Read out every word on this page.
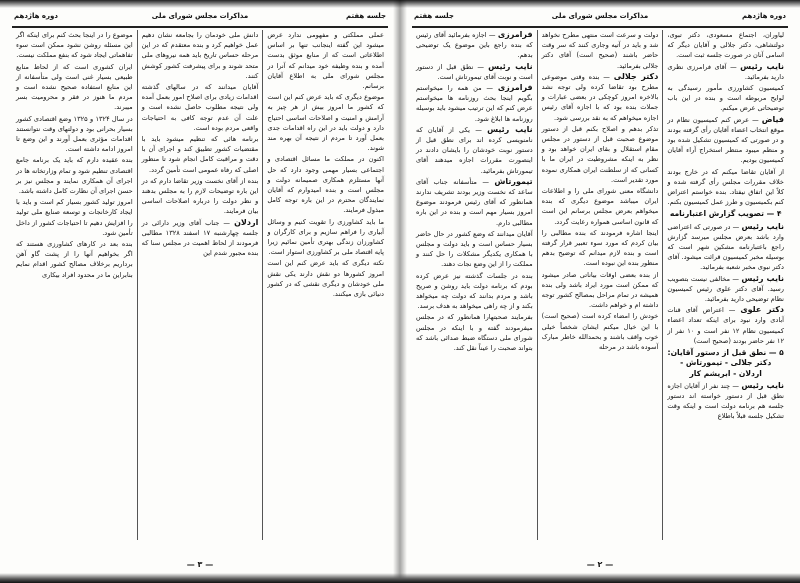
جلسه هفتم
مذاکرات مجلس شورای ملی
دوره هاژدهم

عملی مملکتی و مفهومی ندارد عرض میشود این گفته اینجانب تنها بر اساس اطلاعاتی است که از منابع موثق بدست آمده و بنده وظیفه خود میدانم که آنرا در مجلس شورای ملی به اطلاع آقایان برسانم.

موضوع دیگری که باید عرض کنم این است که کشور ما امروز بیش از هر چیز به آرامش و امنیت و اصلاحات اساسی احتیاج دارد و دولت باید در این راه اقدامات جدی بعمل آورد تا مردم از نتیجه آن بهره مند شوند.

اکنون در مملکت ما مسائل اقتصادی و اجتماعی بسیار مهمی وجود دارد که حل آنها مستلزم همکاری صمیمانه دولت و مجلس است و بنده امیدوارم که آقایان نمایندگان محترم در این باره توجه کامل مبذول فرمایند.

ما باید کشاورزی را تقویت کنیم و وسائل آبیاری را فراهم سازیم و برای کارگران و کشاورزان زندگی بهتری تأمین نمائیم زیرا پایه اقتصاد ملی بر کشاورزی استوار است.

نکته دیگری که باید عرض کنم این است امروز کشورها دو نقش دارند یکی نقش ملی خودشان و دیگری نقشی که در کشور دنیائی بازی میکنند.

دانش ملی خودمان را بجامعه نشان دهیم عمل خواهیم کرد و بنده معتقدم که در این مرحله حساس تاریخ باید همه نیروهای ملی متحد شوند و برای پیشرفت کشور کوشش کنند.

آقایان میدانند که در سالهای گذشته اقدامات زیادی برای اصلاح امور بعمل آمده ولی نتیجه مطلوب حاصل نشده است و علت آن عدم توجه کافی به احتیاجات واقعی مردم بوده است.

برنامه هائی که تنظیم میشود باید با مقتضیات کشور تطبیق کند و اجرای آن با دقت و مراقبت کامل انجام شود تا منظور اصلی که رفاه عمومی است تأمین گردد.

بنده از آقای نخست وزیر تقاضا دارم که در این باره توضیحات لازم را به مجلس بدهند و نظر دولت را درباره اصلاحات اساسی بیان فرمایند.

اردلان — جناب آقای وزیر دارائی در جلسه چهارشنبه ۱۷ اسفند ۱۳۲۸ مطالبی فرمودند از لحاظ اهمیت در مجلس سنا که بنده مجبور شدم این

موضوع را در اینجا بحث کنم برای اینکه اگر این مسئله روشن نشود ممکن است سوء تفاهماتی ایجاد شود که بنفع مملکت نیست.

ایران کشوری است که از لحاظ منابع طبیعی بسیار غنی است ولی متأسفانه از این منابع استفاده صحیح نشده است و مردم ما هنوز در فقر و محرومیت بسر میبرند.

در سال ۱۳۲۴ و ۱۳۲۵ وضع اقتصادی کشور بسیار بحرانی بود و دولتهای وقت نتوانستند اقدامات مؤثری بعمل آورند و این وضع تا امروز ادامه داشته است.

بنده عقیده دارم که باید یک برنامه جامع اقتصادی تنظیم شود و تمام وزارتخانه ها در اجرای آن همکاری نمایند و مجلس نیز بر حسن اجرای آن نظارت کامل داشته باشد.

امروز تولید کشور بسیار کم است و باید با ایجاد کارخانجات و توسعه صنایع ملی تولید را افزایش دهیم تا احتیاجات کشور از داخل تأمین شود.

بنده بعد در کارهای کشاورزی هستند که اگر بخواهیم آنها را از پشت گاو آهن برداریم برخلاف مصالح کشور اقدام نمایم بنابراین ما در محدود افراد بیکاری

— ۳ —
دوره هاژدهم
مذاکرات مجلس شورای ملی
جلسه هفتم

لیاوران، اجتماع مسعودی، دکتر تبوی، دولتشاهی، دکتر جلالی و آقایان دیگر که اسامی آنان در صورت جلسه ثبت است.

نایب رئیس — آقای فرامرزی نظری دارید بفرمائید.

کمیسیون کشاورزی مأمور رسیدگی به لوایح مربوطه است و بنده در این باب توضیحاتی عرض میکنم.

فیاض — عرض کنم کمیسیون نظام در موقع انتخاب اعضاء آقایان رأی گرفته بودند و در صورتی که کمیسیون تشکیل شده بود و منظم میبود منتظر استخراج آراء آقایان کمیسیون بودیم.

از آقایان تقاضا میکنم که در خارج بودند خلاف مقررات مجلس رأی گرفته شده و کلاً این اتفاق نیفتاد. بنده خواستم اعتراض کنم بکمیسیون و طرز عمل کمیسیون بکنم.

۴ — تصویب گزارش اعتبارنامه

نایب رئیس — در صورتی که اعتراضی وارد باشد بعرض مجلس میرسد گزارش راجع باعتبارنامه مشکین شهر است که بوسیله مخبر کمیسیون قرائت میشود. آقای دکتر نبوی مخبر شعبه بفرمائید.

نایب رئیس — مخالفی نیست بتصویب رسید. آقای دکتر علوی رئیس کمیسیون نظام توضیحی دارید بفرمائید.

دکتر علوی — اعتراض آقای قنات آبادی وارد نبود برای اینکه تعداد اعضاء کمیسیون نظام ۱۲ نفر است و ۱۰ نفر از ۱۲ نفر حاضر بودند (صحیح است)

۵ — نطق قبل از دستور آقایان: دکتر جلالی - تیمورتاش - اردلان - ابریشم کار

نایب رئیس — چند نفر از آقایان اجازه نطق قبل از دستور خواسته اند دستور جلسه هم برنامه دولت است و اینکه وقت تشکیل جلسه قبلاً باطلاع

دولت و سرعت است منتهی مطرح نخواهد شد و باید در آتیه وجاری کنند که سر وقت حاضر باشند (صحیح است) آقای دکتر جلالی بفرمائید.

دکتر جلالی — بنده وقتی موضوعی مطرح بود تقاضا کرده ولی توجه نشد بالاخره امروز کوچکی در بعضی عبارات و جملات بنده بود که با اجازه آقای رئیس اجازه میخواهم که به نقد بررسی شود.

تذکر بدهم و اصلاح بکنم قبل از دستور موضوع صحبت قبل از دستور در مجلس مقام استقلال و بقای ایران خواهد بود و نظر به اینکه مشروطیت در ایران ما با کسانی که از سلطنت ایران همکاری نموده مورد تقدیر است.

دانشگاه معنی شورای ملی را و اطلاعات ایران میباشد موضوع دیگری که بنده میخواهم بعرض مجلس برسانم این است که قانون اساسی همواره رعایت گردد.

اینجا اشاره فرمودند که بنده مطالبی را بیان کردم که مورد سوء تعبیر قرار گرفته است و بنده لازم میدانم که توضیح بدهم منظور بنده این نبوده است.

از بنده بعضی اوقات بیاناتی صادر میشود که ممکن است مورد ایراد باشد ولی بنده همیشه در تمام مراحل بمصالح کشور توجه داشته ام و خواهم داشت.

خودش را امضاء کرده است (صحیح است) با این خیال میکنم ایشان شخصاً خیلی خوب واقف باشند و بحمدالله خاطر مبارک آسوده باشد در مرحله

فرامرزی — اجازه بفرمائید آقای رئیس که بنده راجع باین موضوع یک توضیحی بدهم.

نایب رئیس — نطق قبل از دستور است و نوبت آقای تیمورتاش است.

فرامرزی — من همه را میخواستم بگویم اینجا بحث روزنامه ها میخواستم عرض کنم که این ترتیب میشود باید بوسیله روزنامه ها ابلاغ شود.

نایب رئیس — یکی از آقایان که نامنویسی کرده اند برای نطق قبل از دستور نوبت خودشان را بایشان دادند در اینصورت مقررات اجازه میدهند آقای تیمورتاش بفرمائید.

تیمورتاش — متأسفانه جناب آقای ساعد که نخست وزیر بودند تشریف ندارند همانطور که آقای رئیس فرمودند موضوع امروز بسیار مهم است و بنده در این باره مطالبی دارم.

آقایان میدانند که وضع کشور در حال حاضر بسیار حساس است و باید دولت و مجلس با همکاری یکدیگر مشکلات را حل کنند و مملکت را از این وضع نجات دهند.

بنده در جلسات گذشته نیز عرض کرده بودم که برنامه دولت باید روشن و صریح باشد و مردم بدانند که دولت چه میخواهد بکند و از چه راهی میخواهد به هدف برسد.

بفرمایند صحبتهارا همانطور که در مجلس میفرمودند گفته و با اینکه در مجلس شورای ملی دستگاه ضبط صدائی باشد که بتواند صحبت را عیناً نقل کند.

— ۲ —
